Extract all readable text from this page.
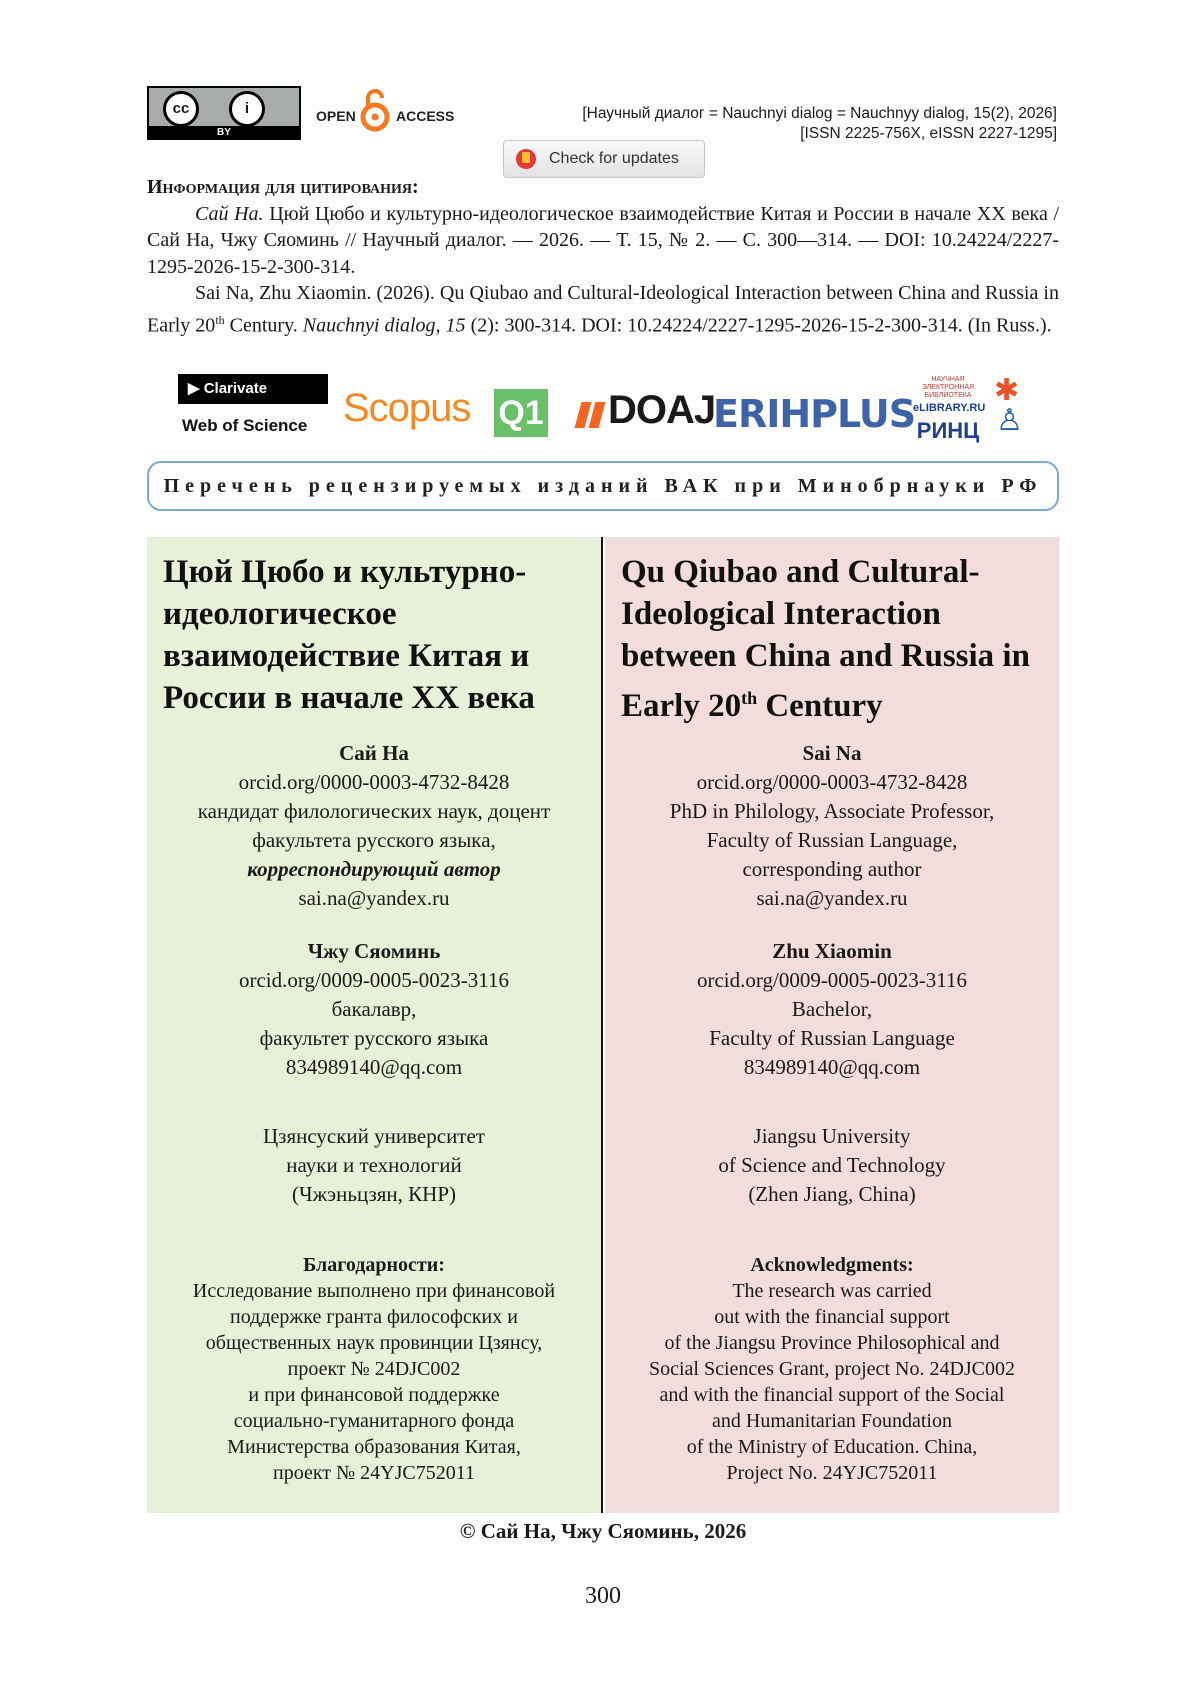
cc	i
BY
OPEN	ACCESS	[Научный диалог = Nauchnyi dialog = Nauchnyy dialog, 15(2), 2026]
[ISSN 2225-756X, eISSN 2227-1295]
Check for updates
Информация для цитирования:

Сай На. Цюй Цюбо и культурно-идеологическое взаимодействие Китая и России в начале XX века / Сай На, Чжу Сяоминь // Научный диалог. — 2026. — Т. 15, № 2. — С. 300—314. — DOI: 10.24224/2227-1295-2026-15-2-300-314.

Sai Na, Zhu Xiaomin. (2026). Qu Qiubao and Cultural-Ideological Interaction between China and Russia in Early 20th Century. Nauchnyi dialog, 15 (2): 300-314. DOI: 10.24224/2227-1295-2026-15-2-300-314. (In Russ.).

▶ Clarivate
Web of Science Scopus Q1 DOAJ
ERIHPLUS
НАУЧНАЯ ЭЛЕКТРОННАЯ БИБЛИОТЕКА
eLIBRARY.RU
РИНЦ
✱
♙
Перечень рецензируемых изданий ВАК при Минобрнауки РФ
Цюй Цюбо и культурно-идеологическое взаимодействие Китая и России в начале XX века
Сай На
orcid.org/0000-0003-4732-8428
кандидат филологических наук, доцент
факультета русского языка,
корреспондирующий автор
sai.na@yandex.ru
Чжу Сяоминь
orcid.org/0009-0005-0023-3116
бакалавр,
факультет русского языка
834989140@qq.com
Цзянсуский университет
науки и технологий
(Чжэньцзян, КНР)
Благодарности:
Исследование выполнено при финансовой
поддержке гранта философских и
общественных наук провинции Цзянсу,
проект № 24DJC002
и при финансовой поддержке
социально-гуманитарного фонда
Министерства образования Китая,
проект № 24YJC752011
Qu Qiubao and Cultural-Ideological Interaction between China and Russia in Early 20th Century
Sai Na
orcid.org/0000-0003-4732-8428
PhD in Philology, Associate Professor,
Faculty of Russian Language,
corresponding author
sai.na@yandex.ru
Zhu Xiaomin
orcid.org/0009-0005-0023-3116
Bachelor,
Faculty of Russian Language
834989140@qq.com
Jiangsu University
of Science and Technology
(Zhen Jiang, China)
Acknowledgments:
The research was carried
out with the financial support
of the Jiangsu Province Philosophical and
Social Sciences Grant, project No. 24DJC002
and with the financial support of the Social
and Humanitarian Foundation
of the Ministry of Education. China,
Project No. 24YJC752011
© Сай На, Чжу Сяоминь, 2026
300
